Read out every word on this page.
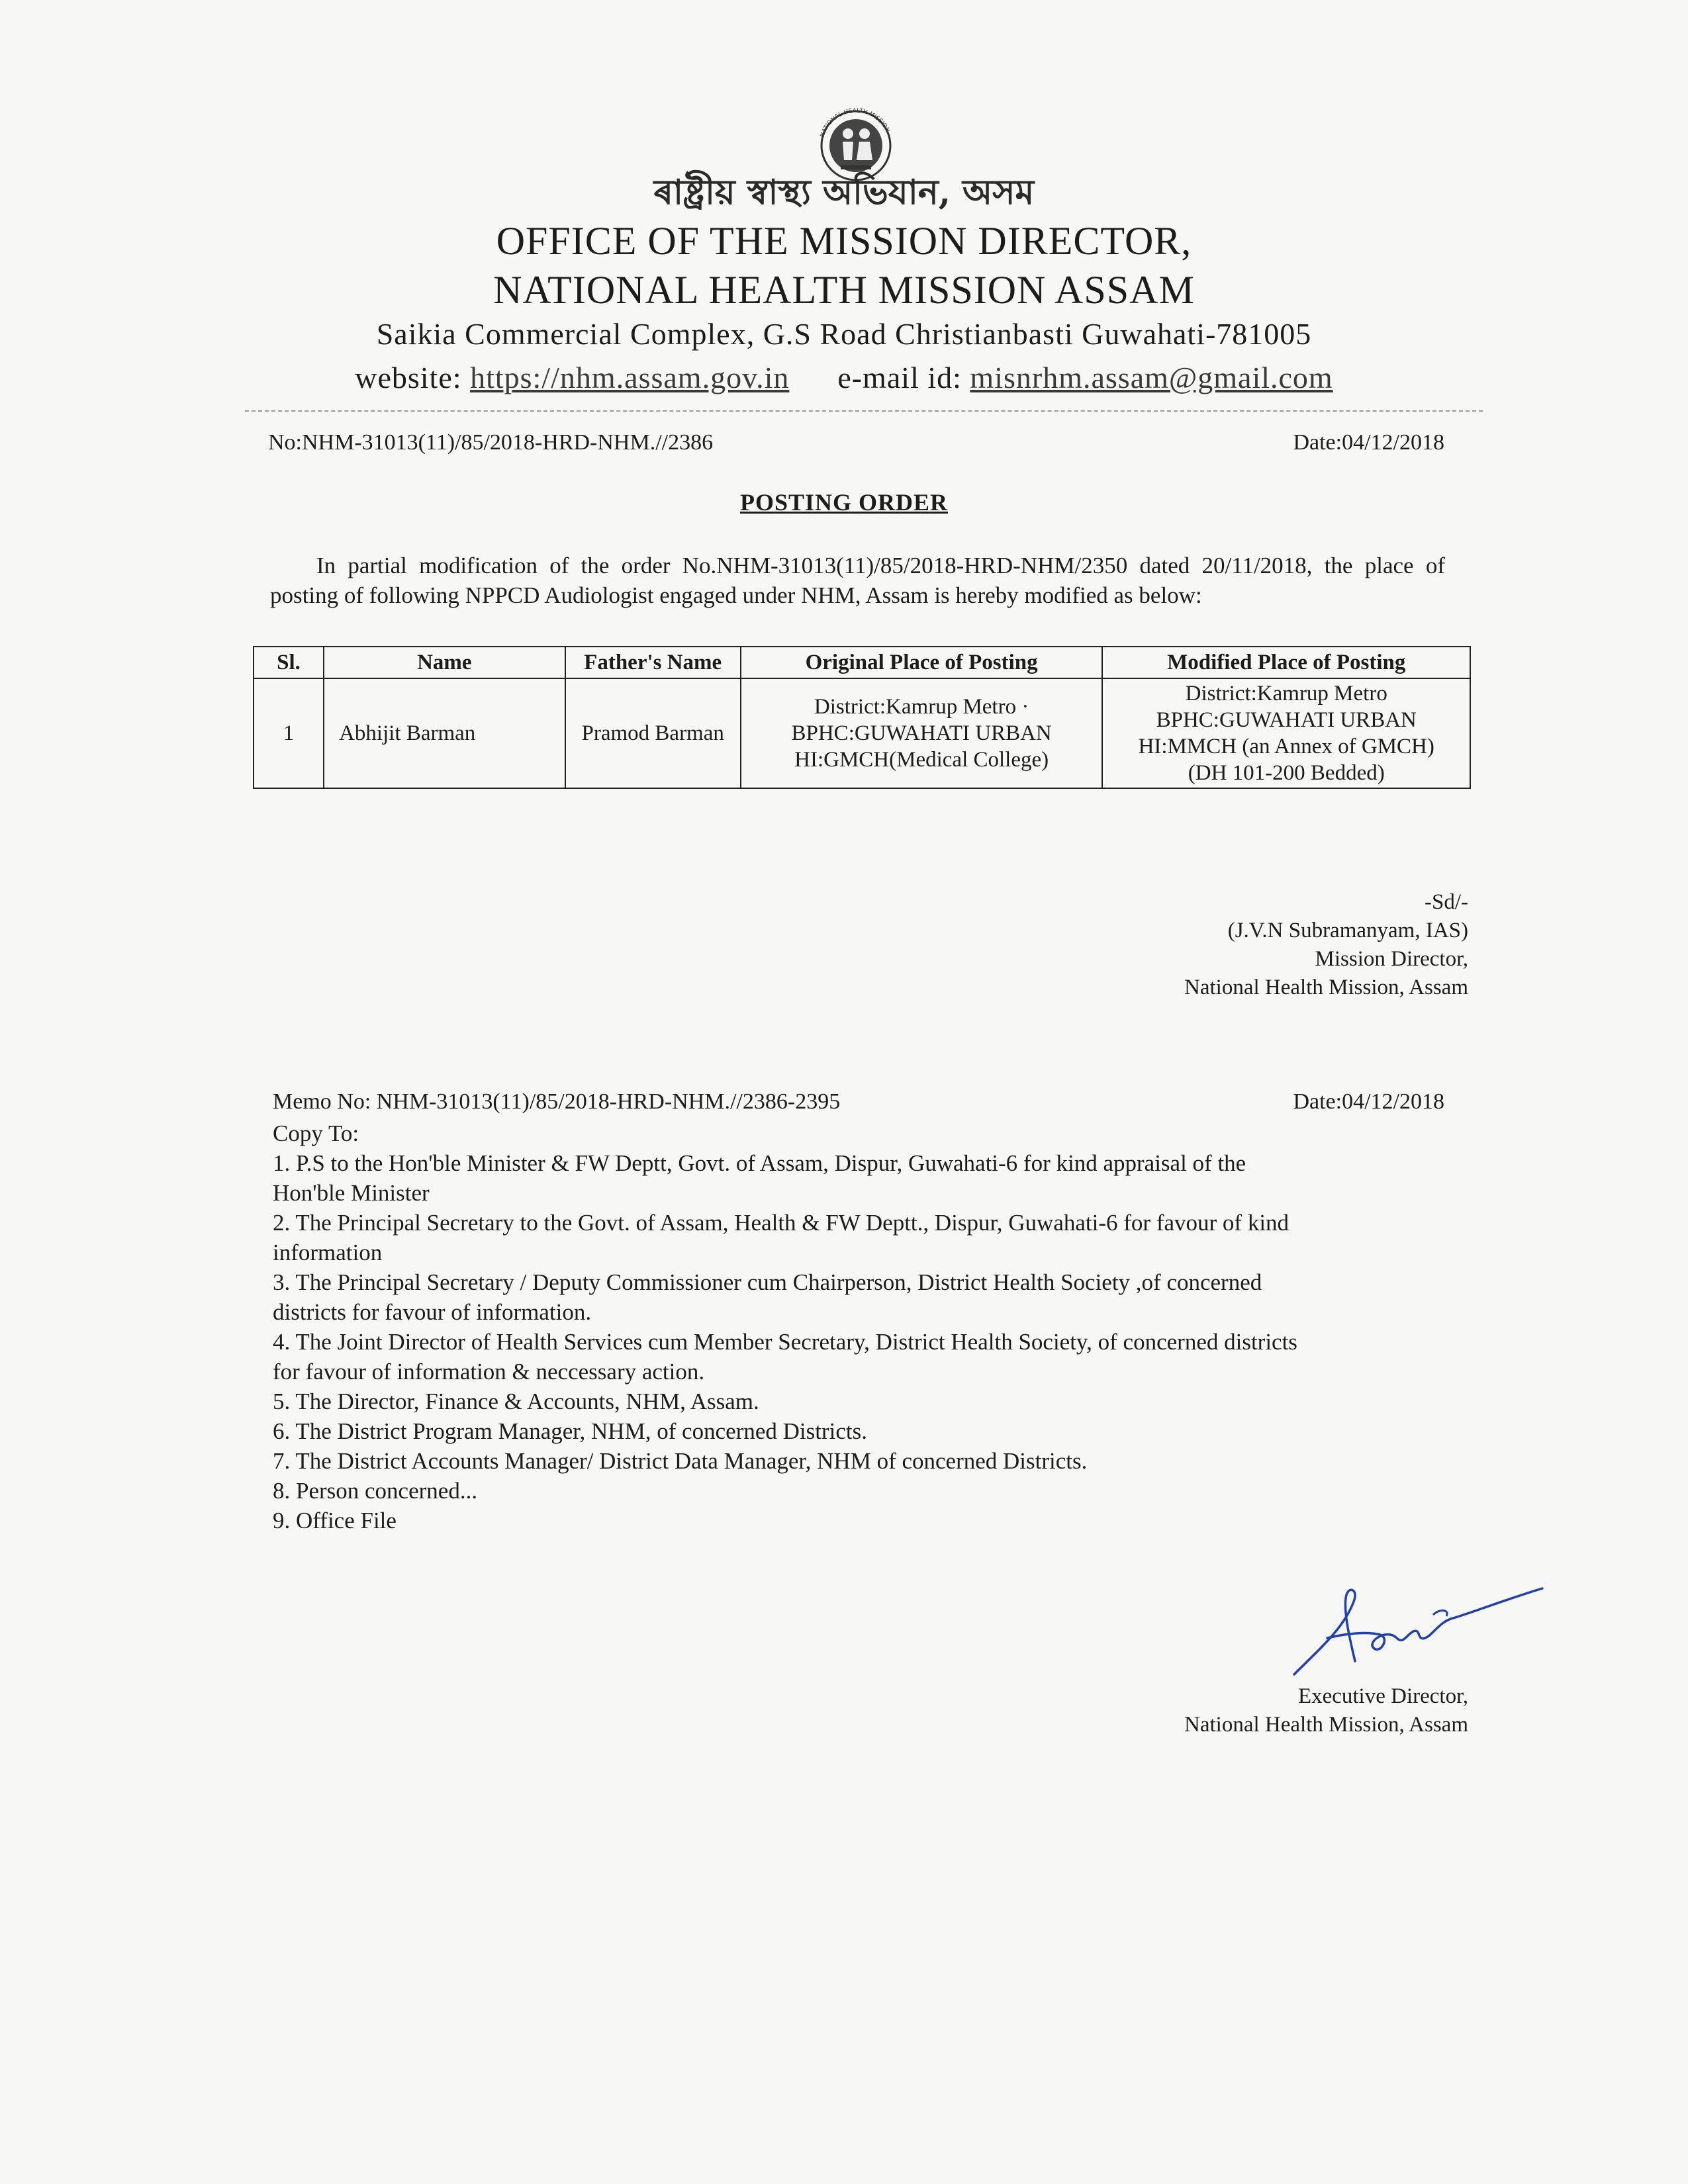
NATIONAL HEALTH MISSION
ৰাষ্ট্ৰীয় স্বাস্থ্য অভিযান, অসম
OFFICE OF THE MISSION DIRECTOR,
NATIONAL HEALTH MISSION ASSAM
Saikia Commercial Complex, G.S Road Christianbasti Guwahati-781005
website: https://nhm.assam.gov.in e-mail id: misnrhm.assam@gmail.com
No:NHM-31013(11)/85/2018-HRD-NHM.//2386	Date:04/12/2018
POSTING ORDER
In partial modification of the order No.NHM-31013(11)/85/2018-HRD-NHM/2350 dated 20/11/2018, the place of posting of following NPPCD Audiologist engaged under NHM, Assam is hereby modified as below:
Sl.	Name	Father's Name	Original Place of Posting	Modified Place of Posting
1	Abhijit Barman	Pramod Barman	District:Kamrup Metro ·
BPHC:GUWAHATI URBAN
HI:GMCH(Medical College)	District:Kamrup Metro
BPHC:GUWAHATI URBAN
HI:MMCH (an Annex of GMCH)
(DH 101-200 Bedded)
-Sd/-
(J.V.N Subramanyam, IAS)
Mission Director,
National Health Mission, Assam
Memo No: NHM-31013(11)/85/2018-HRD-NHM.//2386-2395	Date:04/12/2018
Copy To:
1. P.S to the Hon'ble Minister & FW Deptt, Govt. of Assam, Dispur, Guwahati-6 for kind appraisal of the
Hon'ble Minister
2. The Principal Secretary to the Govt. of Assam, Health & FW Deptt., Dispur, Guwahati-6 for favour of kind
information
3. The Principal Secretary / Deputy Commissioner cum Chairperson, District Health Society ,of concerned
districts for favour of information.
4. The Joint Director of Health Services cum Member Secretary, District Health Society, of concerned districts
for favour of information & neccessary action.
5. The Director, Finance & Accounts, NHM, Assam.
6. The District Program Manager, NHM, of concerned Districts.
7. The District Accounts Manager/ District Data Manager, NHM of concerned Districts.
8. Person concerned...
9. Office File
Executive Director,
National Health Mission, Assam
